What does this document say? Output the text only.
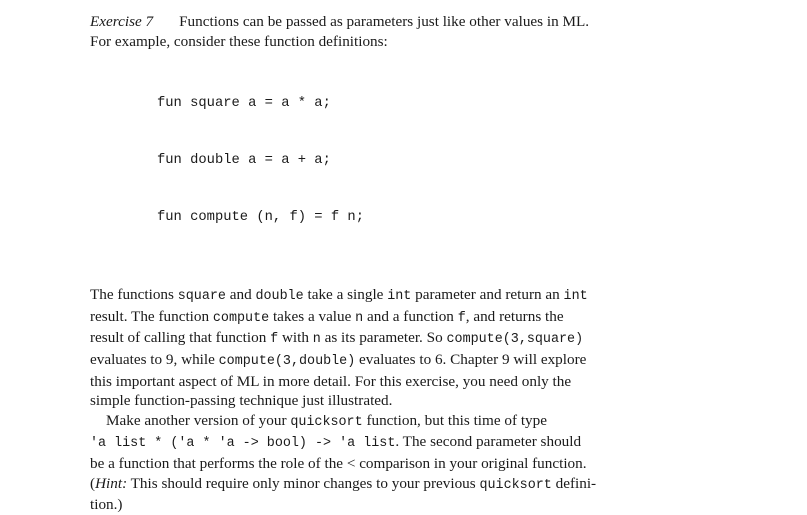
Exercise 7 Functions can be passed as parameters just like other values in ML.
For example, consider these function definitions:

fun square a = a * a;

fun double a = a + a;

fun compute (n, f) = f n;

The functions square and double take a single int parameter and return an int
result. The function compute takes a value n and a function f, and returns the
result of calling that function f with n as its parameter. So compute(3,square)
evaluates to 9, while compute(3,double) evaluates to 6. Chapter 9 will explore
this important aspect of ML in more detail. For this exercise, you need only the
simple function-passing technique just illustrated.
Make another version of your quicksort function, but this time of type
'a list * ('a * 'a -> bool) -> 'a list. The second parameter should
be a function that performs the role of the < comparison in your original function.
(Hint: This should require only minor changes to your previous quicksort defini-
tion.)
